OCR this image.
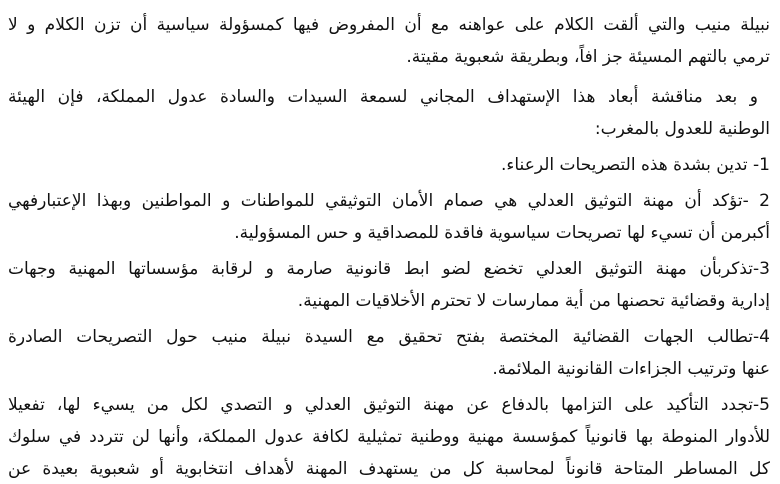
نبيلة منيب والتي ألقت الكلام على عواهنه مع أن المفروض فيها كمسؤولة سياسية أن تزن الكلام و لا
ترمي بالتهم المسيئة جز افاً، وبطريقة شعبوية مقيتة.
و بعد مناقشة أبعاد هذا الإستهداف المجاني لسمعة السيدات والسادة عدول المملكة، فإن الهيئة
الوطنية للعدول بالمغرب:
1- تدين بشدة هذه التصريحات الرعناء.
2 -تؤكد أن مهنة التوثيق العدلي هي صمام الأمان التوثيقي للمواطنات و المواطنين وبهذا الإعتبارفهي
أكبرمن أن تسيء لها تصريحات سياسوية فاقدة للمصداقية و حس المسؤولية.
3-تذكربأن مهنة التوثيق العدلي تخضع لضو ابط قانونية صارمة و لرقابة مؤسساتها المهنية وجهات
إدارية وقضائية تحصنها من أية ممارسات لا تحترم الأخلاقيات المهنية.
4-تطالب الجهات القضائية المختصة بفتح تحقيق مع السيدة نبيلة منيب حول التصريحات الصادرة
عنها وترتيب الجزاءات القانونية الملائمة.
5-تجدد التأكيد على التزامها بالدفاع عن مهنة التوثيق العدلي و التصدي لكل من يسيء لها، تفعيلا
للأدوار المنوطة بها قانونياً كمؤسسة مهنية ووطنية تمثيلية لكافة عدول المملكة، وأنها لن تتردد في سلوك
كل المساطر المتاحة قانوناً لمحاسبة كل من يستهدف المهنة لأهداف انتخابوية أو شعبوية بعيدة عن
